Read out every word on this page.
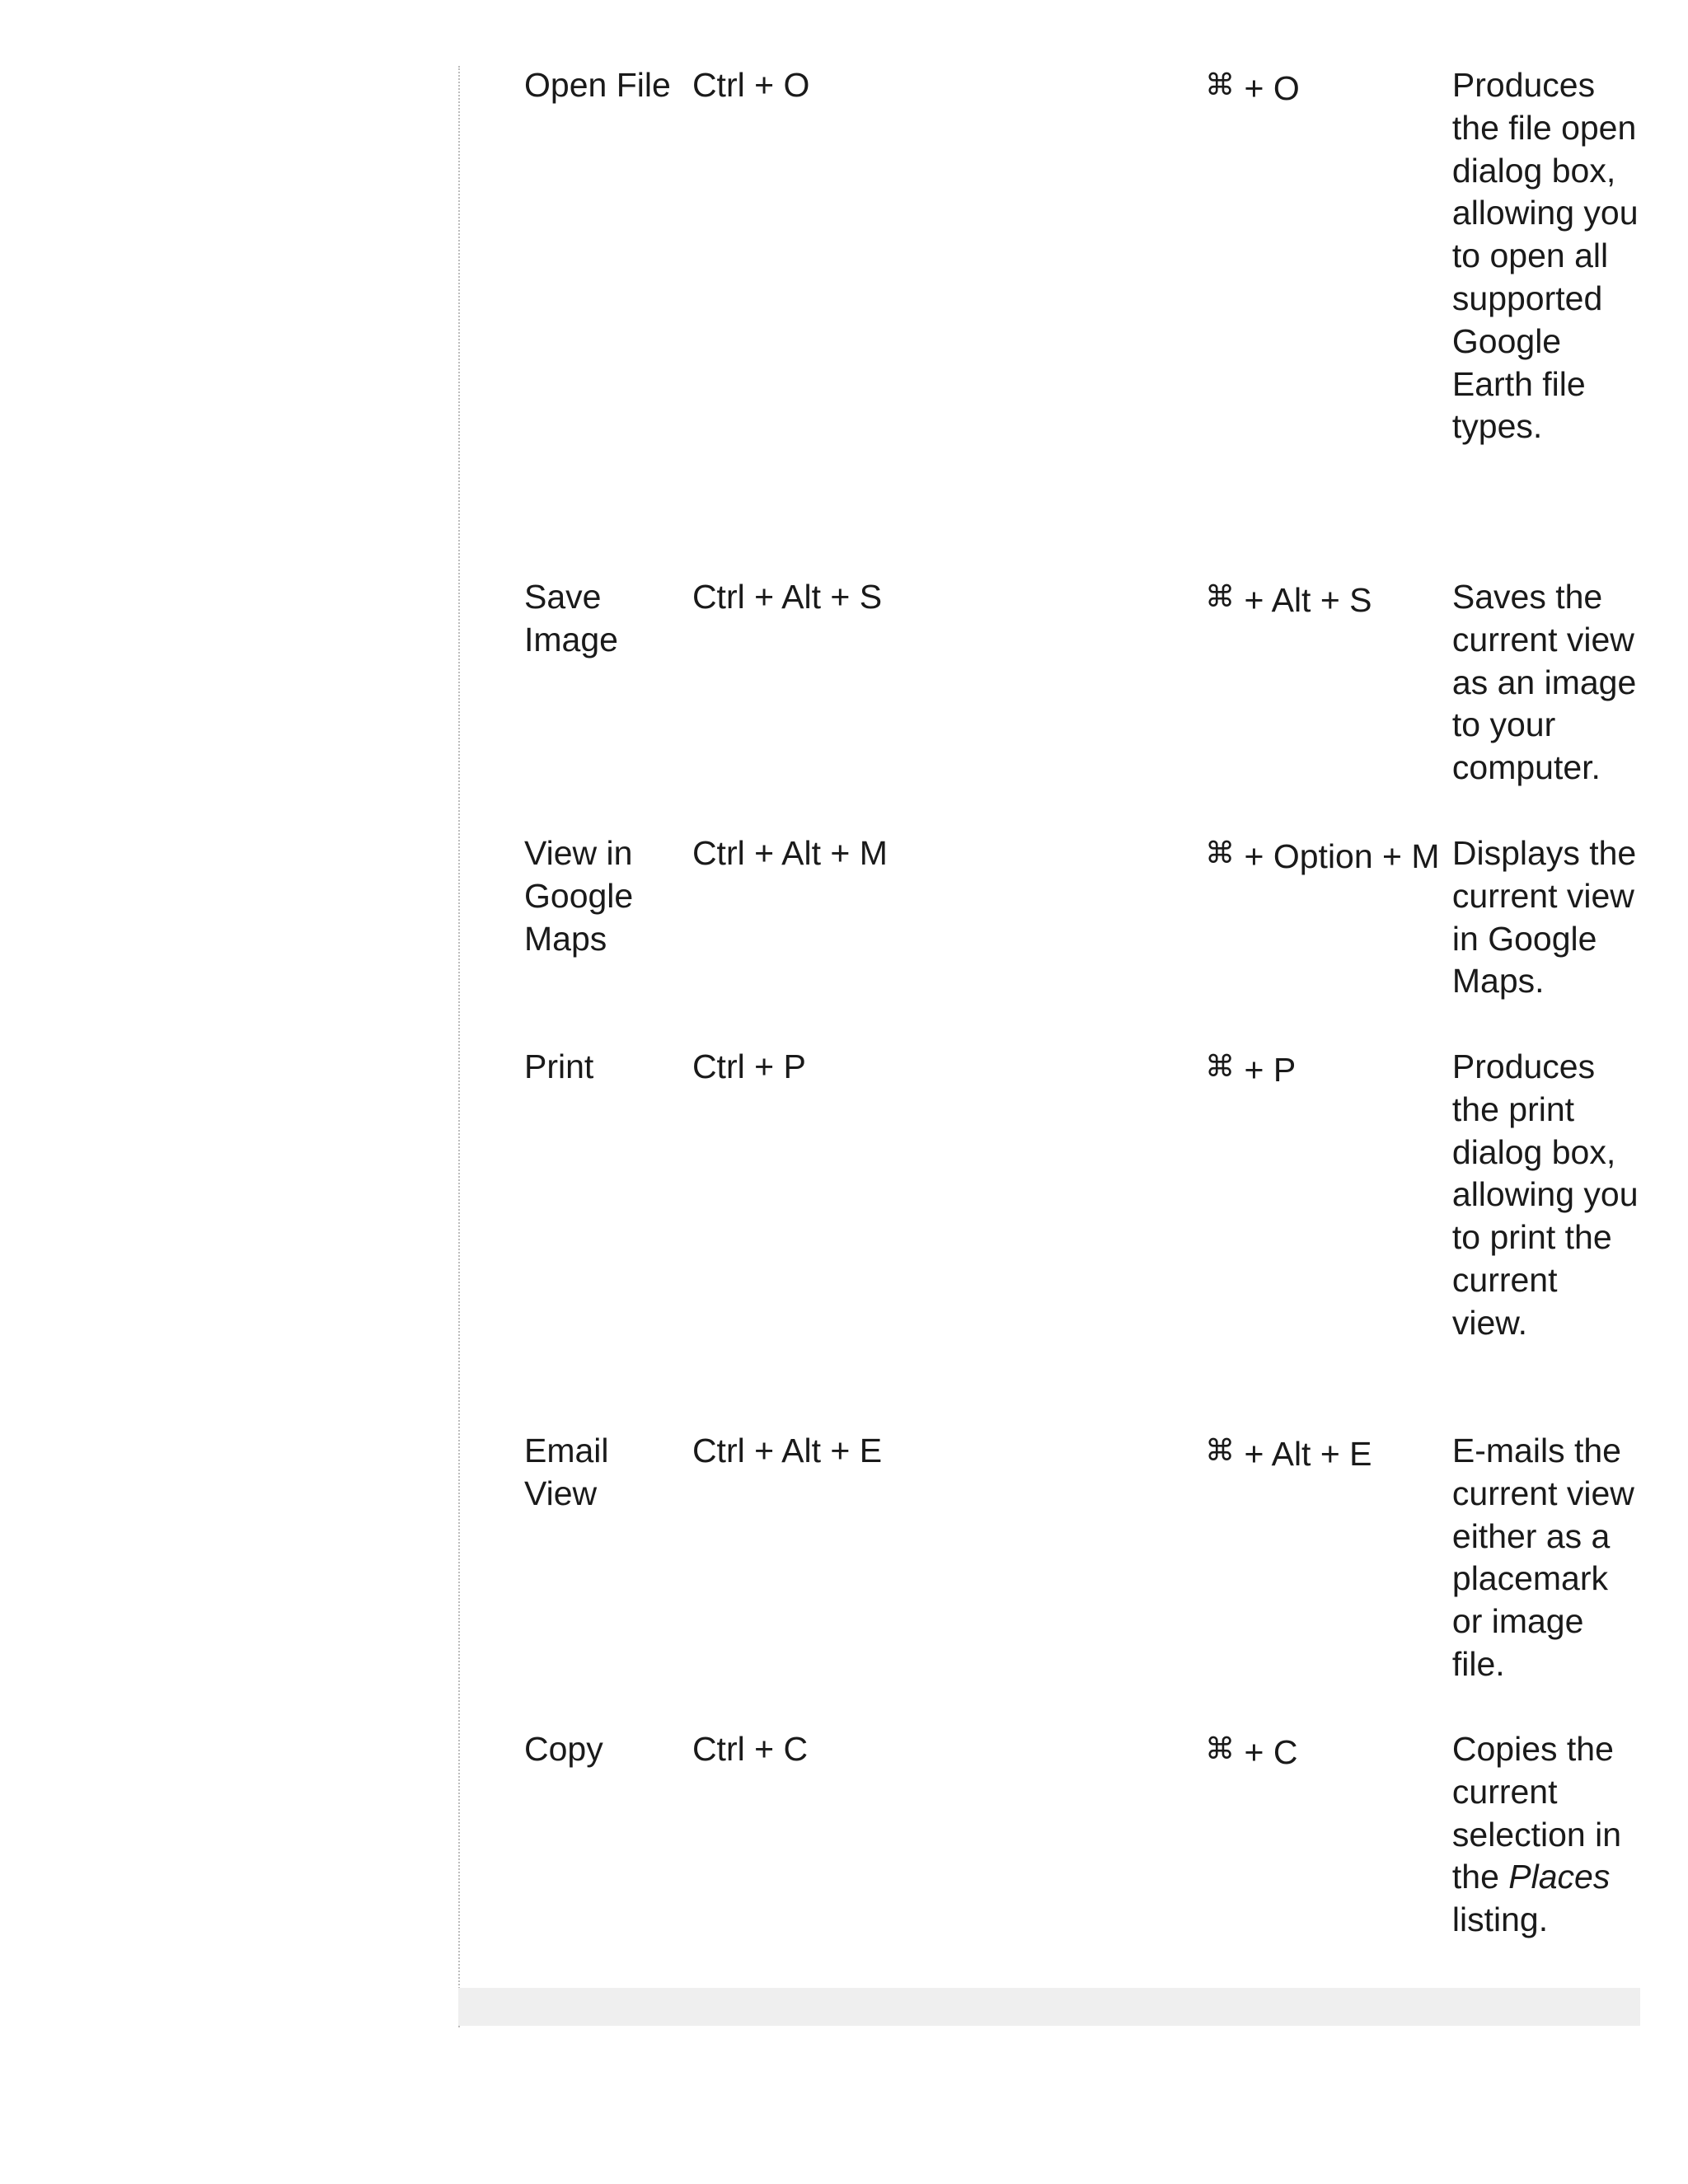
Open File	Ctrl + O	⌘ + O	Produces the file open dialog box, allowing you to open all supported Google Earth file types.
Save Image	Ctrl + Alt + S	⌘ + Alt + S	Saves the current view as an image to your computer.
View in Google Maps	Ctrl + Alt + M	⌘ + Option + M	Displays the current view in Google Maps.
Print	Ctrl + P	⌘ + P	Produces the print dialog box, allowing you to print the current view.
Email View	Ctrl + Alt + E	⌘ + Alt + E	E-mails the current view either as a placemark or image file.
Copy	Ctrl + C	⌘ + C	Copies the current selection in the Places listing.
